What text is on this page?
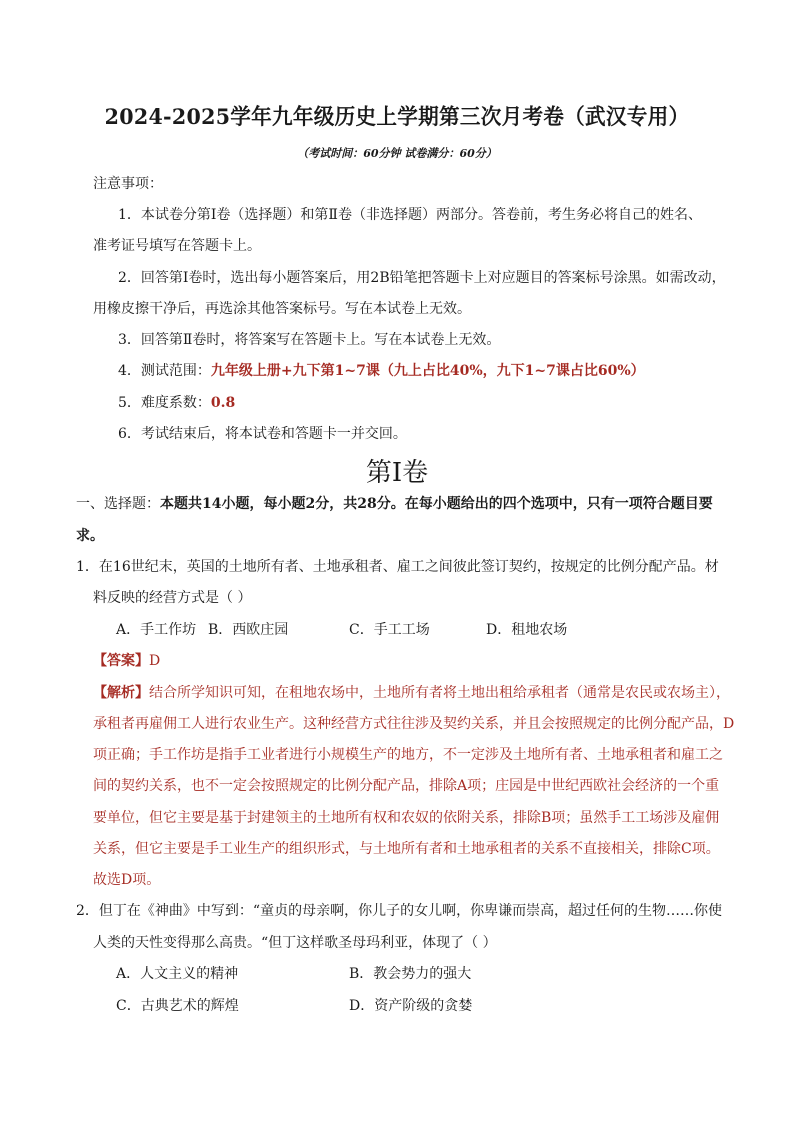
2024-2025学年九年级历史上学期第三次月考卷（武汉专用）
（考试时间：60分钟 试卷满分：60分）
注意事项：
1．本试卷分第Ⅰ卷（选择题）和第Ⅱ卷（非选择题）两部分。答卷前，考生务必将自己的姓名、
准考证号填写在答题卡上。
2．回答第Ⅰ卷时，选出每小题答案后，用2B铅笔把答题卡上对应题目的答案标号涂黑。如需改动，
用橡皮擦干净后，再选涂其他答案标号。写在本试卷上无效。
3．回答第Ⅱ卷时，将答案写在答题卡上。写在本试卷上无效。
4．测试范围：九年级上册+九下第1~7课（九上占比40%，九下1~7课占比60%）
5．难度系数：0.8
6．考试结束后，将本试卷和答题卡一并交回。
第Ⅰ卷
一、选择题：本题共14小题，每小题2分，共28分。在每小题给出的四个选项中，只有一项符合题目要
求。
1．在16世纪末，英国的土地所有者、土地承租者、雇工之间彼此签订契约，按规定的比例分配产品。材
料反映的经营方式是（ ）
A．手工作坊 B．西欧庄园	C．手工工场	D．租地农场
【答案】D
【解析】结合所学知识可知，在租地农场中，土地所有者将土地出租给承租者（通常是农民或农场主），
承租者再雇佣工人进行农业生产。这种经营方式往往涉及契约关系，并且会按照规定的比例分配产品，D
项正确；手工作坊是指手工业者进行小规模生产的地方，不一定涉及土地所有者、土地承租者和雇工之
间的契约关系，也不一定会按照规定的比例分配产品，排除A项；庄园是中世纪西欧社会经济的一个重
要单位，但它主要是基于封建领主的土地所有权和农奴的依附关系，排除B项；虽然手工工场涉及雇佣
关系，但它主要是手工业生产的组织形式，与土地所有者和土地承租者的关系不直接相关，排除C项。
故选D项。
2．但丁在《神曲》中写到：“童贞的母亲啊，你儿子的女儿啊，你卑谦而崇高，超过任何的生物……你使
人类的天性变得那么高贵。“但丁这样歌圣母玛利亚，体现了（ ）
A．人文主义的精神	B．教会势力的强大
C．古典艺术的辉煌	D．资产阶级的贪婪
